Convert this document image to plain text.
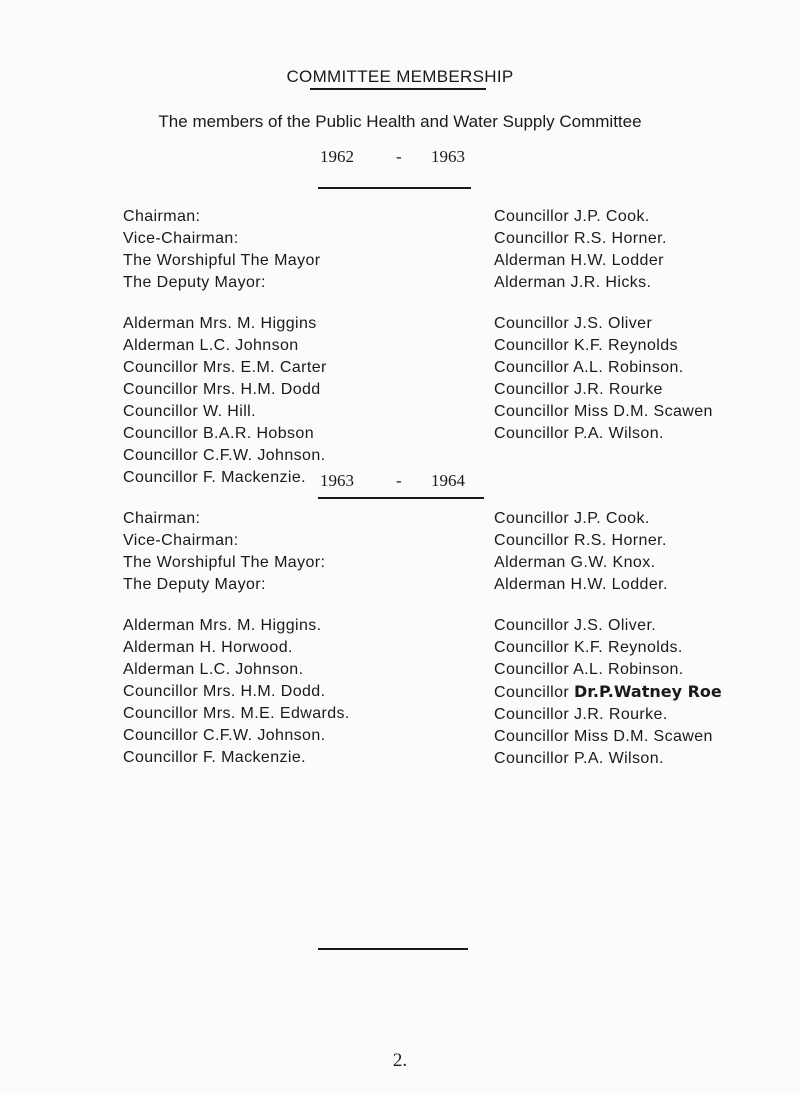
COMMITTEE MEMBERSHIP
The members of the Public Health and Water Supply Committee
1962 - 1963
Chairman:
Vice-Chairman:
The Worshipful The Mayor
The Deputy Mayor:
Alderman Mrs. M. Higgins
Alderman L.C. Johnson
Councillor Mrs. E.M. Carter
Councillor Mrs. H.M. Dodd
Councillor W. Hill.
Councillor B.A.R. Hobson
Councillor C.F.W. Johnson.
Councillor F. Mackenzie.
Councillor J.P. Cook.
Councillor R.S. Horner.
Alderman H.W. Lodder
Alderman J.R. Hicks.
Councillor J.S. Oliver
Councillor K.F. Reynolds
Councillor A.L. Robinson.
Councillor J.R. Rourke
Councillor Miss D.M. Scawen
Councillor P.A. Wilson.
1963 - 1964
Chairman:
Vice-Chairman:
The Worshipful The Mayor:
The Deputy Mayor:
Alderman Mrs. M. Higgins.
Alderman H. Horwood.
Alderman L.C. Johnson.
Councillor Mrs. H.M. Dodd.
Councillor Mrs. M.E. Edwards.
Councillor C.F.W. Johnson.
Councillor F. Mackenzie.
Councillor J.P. Cook.
Councillor R.S. Horner.
Alderman G.W. Knox.
Alderman H.W. Lodder.
Councillor J.S. Oliver.
Councillor K.F. Reynolds.
Councillor A.L. Robinson.
Councillor Dr.P.Watney Roe
Councillor J.R. Rourke.
Councillor Miss D.M. Scawen
Councillor P.A. Wilson.
2.
